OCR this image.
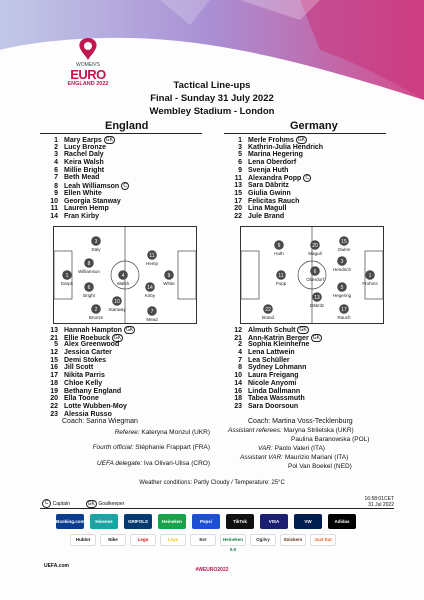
WOMEN'S
EURO
ENGLAND 2022	Tactical Line-ups
Final - Sunday 31 July 2022
Wembley Stadium - London
England	Germany
1 Mary Earps GK
2 Lucy Bronze
3 Rachel Daly
4 Keira Walsh
6 Millie Bright
7 Beth Mead
8 Leah Williamson C
9 Ellen White
10 Georgia Stanway
11 Lauren Hemp
14 Fran Kirby
1 Merle Frohms GK
3 Kathrin-Julia Hendrich
5 Marina Hegering
6 Lena Oberdorf
9 Svenja Huth
11 Alexandra Popp C
13 Sara Däbritz
15 Giulia Gwinn
17 Felicitas Rauch
20 Lina Magull
22 Jule Brand
1
Earps
2
Bronze
3
Daly
6
Bright
8
Williamson
4
Walsh
10
Stanway
14
Kirby
11
Hemp
7
Mead
9
White
1
Frohms
3
Hendrich
5
Hegering
15
Gwinn
17
Rauch
6
Oberdorf
13
Däbritz
20
Magull
9
Huth
22
Brand
11
Popp
13 Hannah Hampton GK
21 Ellie Roebuck GK
5 Alex Greenwood
12 Jessica Carter
15 Demi Stokes
16 Jill Scott
17 Nikita Parris
18 Chloe Kelly
19 Bethany England
20 Ella Toone
22 Lotte Wubben-Moy
23 Alessia Russo
12 Almuth Schult GK
21 Ann-Katrin Berger GK
2 Sophia Kleinherne
4 Lena Lattwein
7 Lea Schüller
8 Sydney Lohmann
10 Laura Freigang
14 Nicole Anyomi
16 Linda Dallmann
18 Tabea Wassmuth
23 Sara Doorsoun
Coach: Sarina Wiegman	Coach: Martina Voss-Tecklenburg
Referee: Kateryna Monzul (UKR)
Fourth official: Stéphanie Frappart (FRA)
UEFA delegate: Iva Olivari-Ulisa (CRO)
Assistant referees: Maryna Striletska (UKR)
Paulina Baranowska (POL)
VAR: Paolo Valeri (ITA)
Assistant VAR: Maurizio Mariani (ITA)
Pol Van Boekel (NED)
Weather conditions: Partly Cloudy / Temperature: 25°C
C Captain	GK Goalkeeper
16:58:01CET
31 Jul 2022
Booking.com	Hisense	GRIFOLS	Heineken	Pepsi	TikTok	VISA	VW	Adidas
Hublot	Nike	Lego	Lays	Bet	Heineken 0.0
Ogilvy	Snickers	Just Eat
UEFA.com
#WEURO2022
